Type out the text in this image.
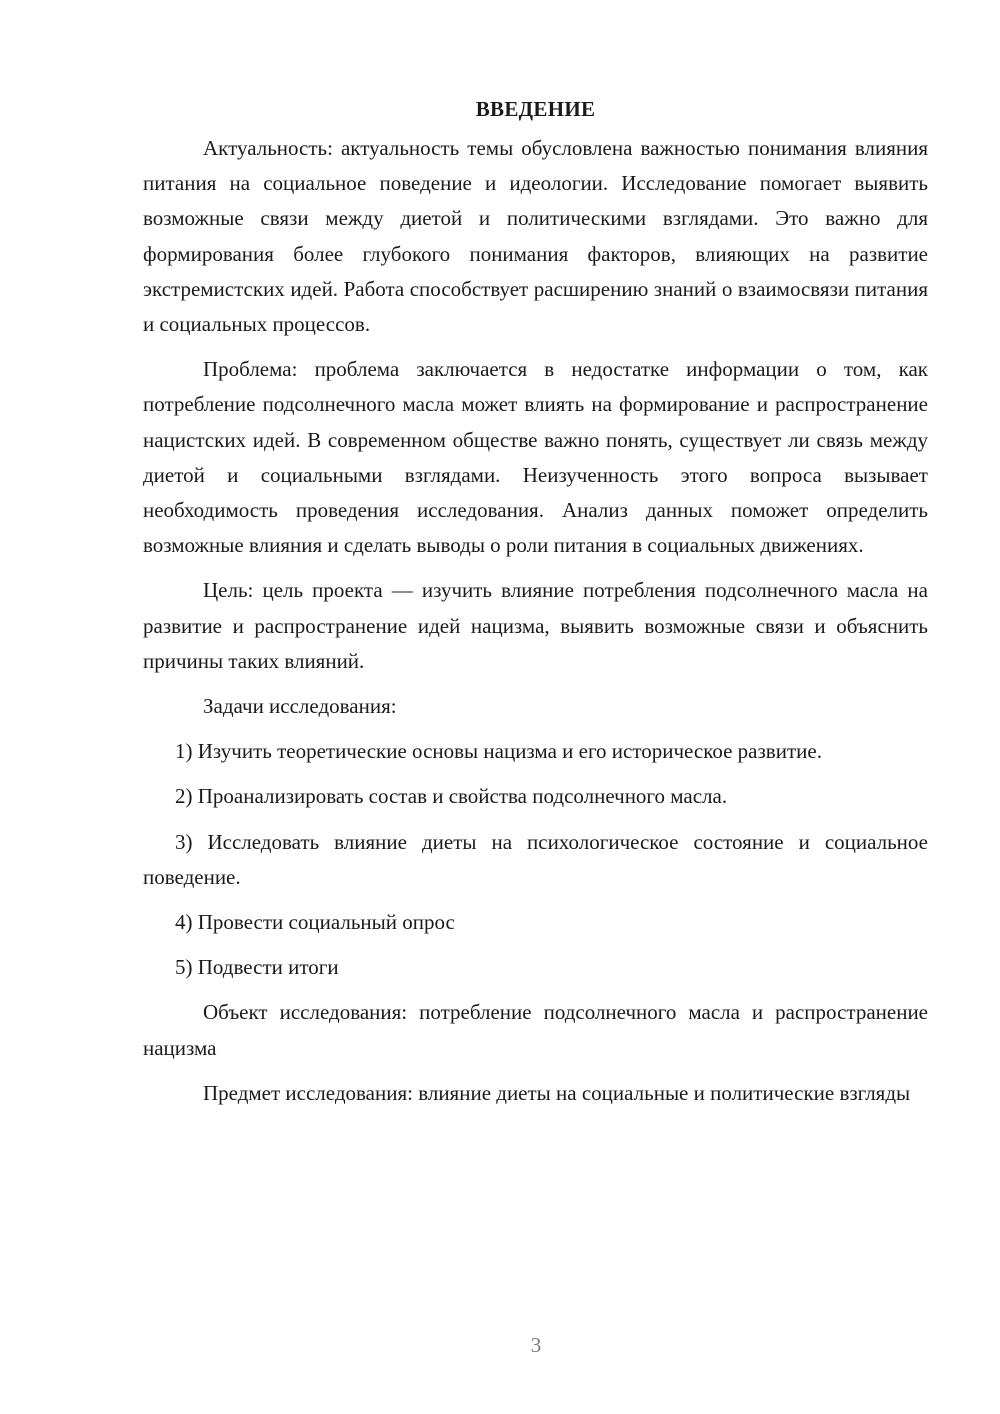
ВВЕДЕНИЕ

Актуальность: актуальность темы обусловлена важностью понимания влияния питания на социальное поведение и идеологии. Исследование помогает выявить возможные связи между диетой и политическими взглядами. Это важно для формирования более глубокого понимания факторов, влияющих на развитие экстремистских идей. Работа способствует расширению знаний о взаимосвязи питания и социальных процессов.

Проблема: проблема заключается в недостатке информации о том, как потребление подсолнечного масла может влиять на формирование и распространение нацистских идей. В современном обществе важно понять, существует ли связь между диетой и социальными взглядами. Неизученность этого вопроса вызывает необходимость проведения исследования. Анализ данных поможет определить возможные влияния и сделать выводы о роли питания в социальных движениях.

Цель: цель проекта — изучить влияние потребления подсолнечного масла на развитие и распространение идей нацизма, выявить возможные связи и объяснить причины таких влияний.

Задачи исследования:

1) Изучить теоретические основы нацизма и его историческое развитие.

2) Проанализировать состав и свойства подсолнечного масла.

3) Исследовать влияние диеты на психологическое состояние и социальное поведение.

4) Провести социальный опрос

5) Подвести итоги

Объект исследования: потребление подсолнечного масла и распространение нацизма

Предмет исследования: влияние диеты на социальные и политические взгляды

3
